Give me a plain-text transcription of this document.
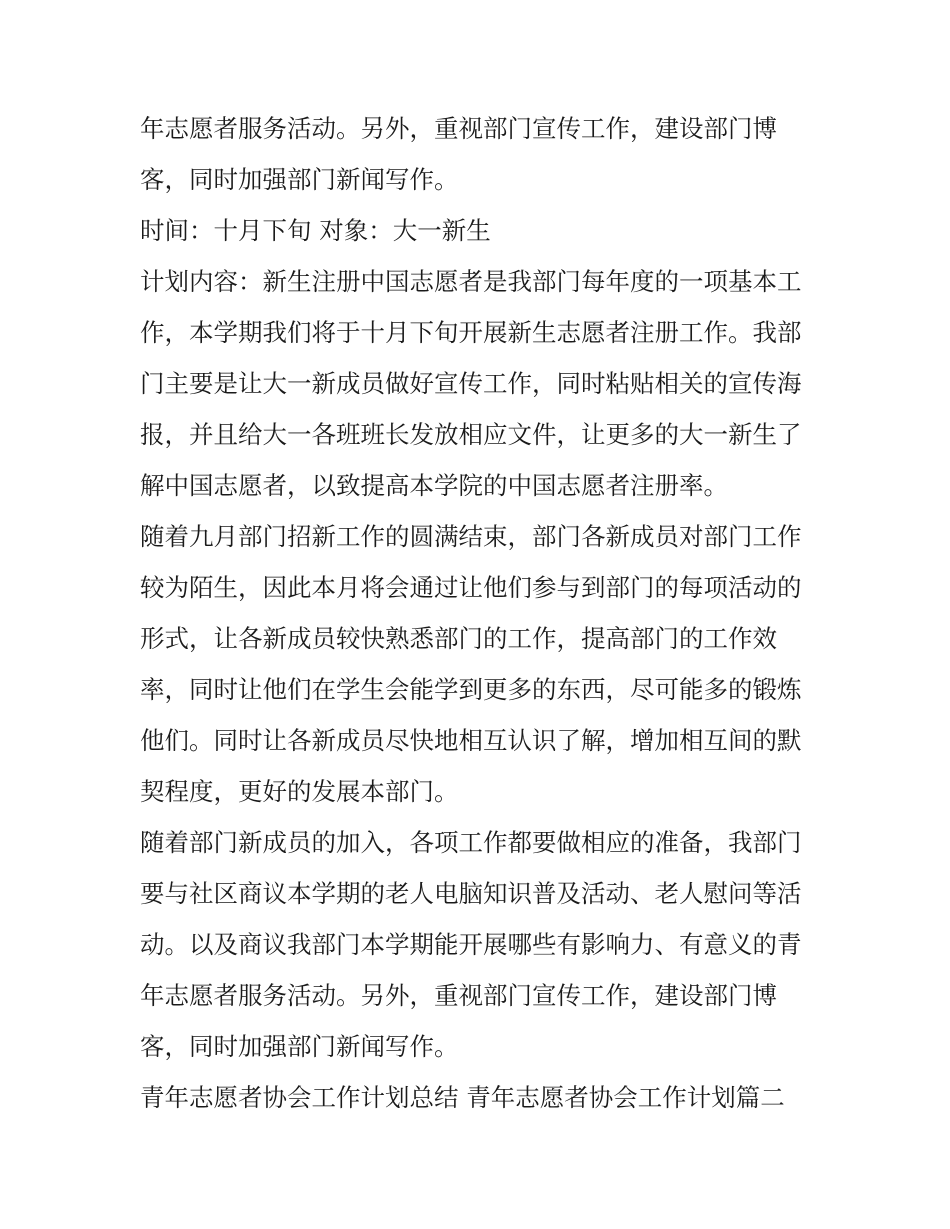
年志愿者服务活动。另外，重视部门宣传工作，建设部门博
客，同时加强部门新闻写作。
时间：十月下旬 对象：大一新生
计划内容：新生注册中国志愿者是我部门每年度的一项基本工
作，本学期我们将于十月下旬开展新生志愿者注册工作。我部
门主要是让大一新成员做好宣传工作，同时粘贴相关的宣传海
报，并且给大一各班班长发放相应文件，让更多的大一新生了
解中国志愿者，以致提高本学院的中国志愿者注册率。
随着九月部门招新工作的圆满结束，部门各新成员对部门工作
较为陌生，因此本月将会通过让他们参与到部门的每项活动的
形式，让各新成员较快熟悉部门的工作，提高部门的工作效
率，同时让他们在学生会能学到更多的东西，尽可能多的锻炼
他们。同时让各新成员尽快地相互认识了解，增加相互间的默
契程度，更好的发展本部门。
随着部门新成员的加入，各项工作都要做相应的准备，我部门
要与社区商议本学期的老人电脑知识普及活动、老人慰问等活
动。以及商议我部门本学期能开展哪些有影响力、有意义的青
年志愿者服务活动。另外，重视部门宣传工作，建设部门博
客，同时加强部门新闻写作。
青年志愿者协会工作计划总结 青年志愿者协会工作计划篇二
